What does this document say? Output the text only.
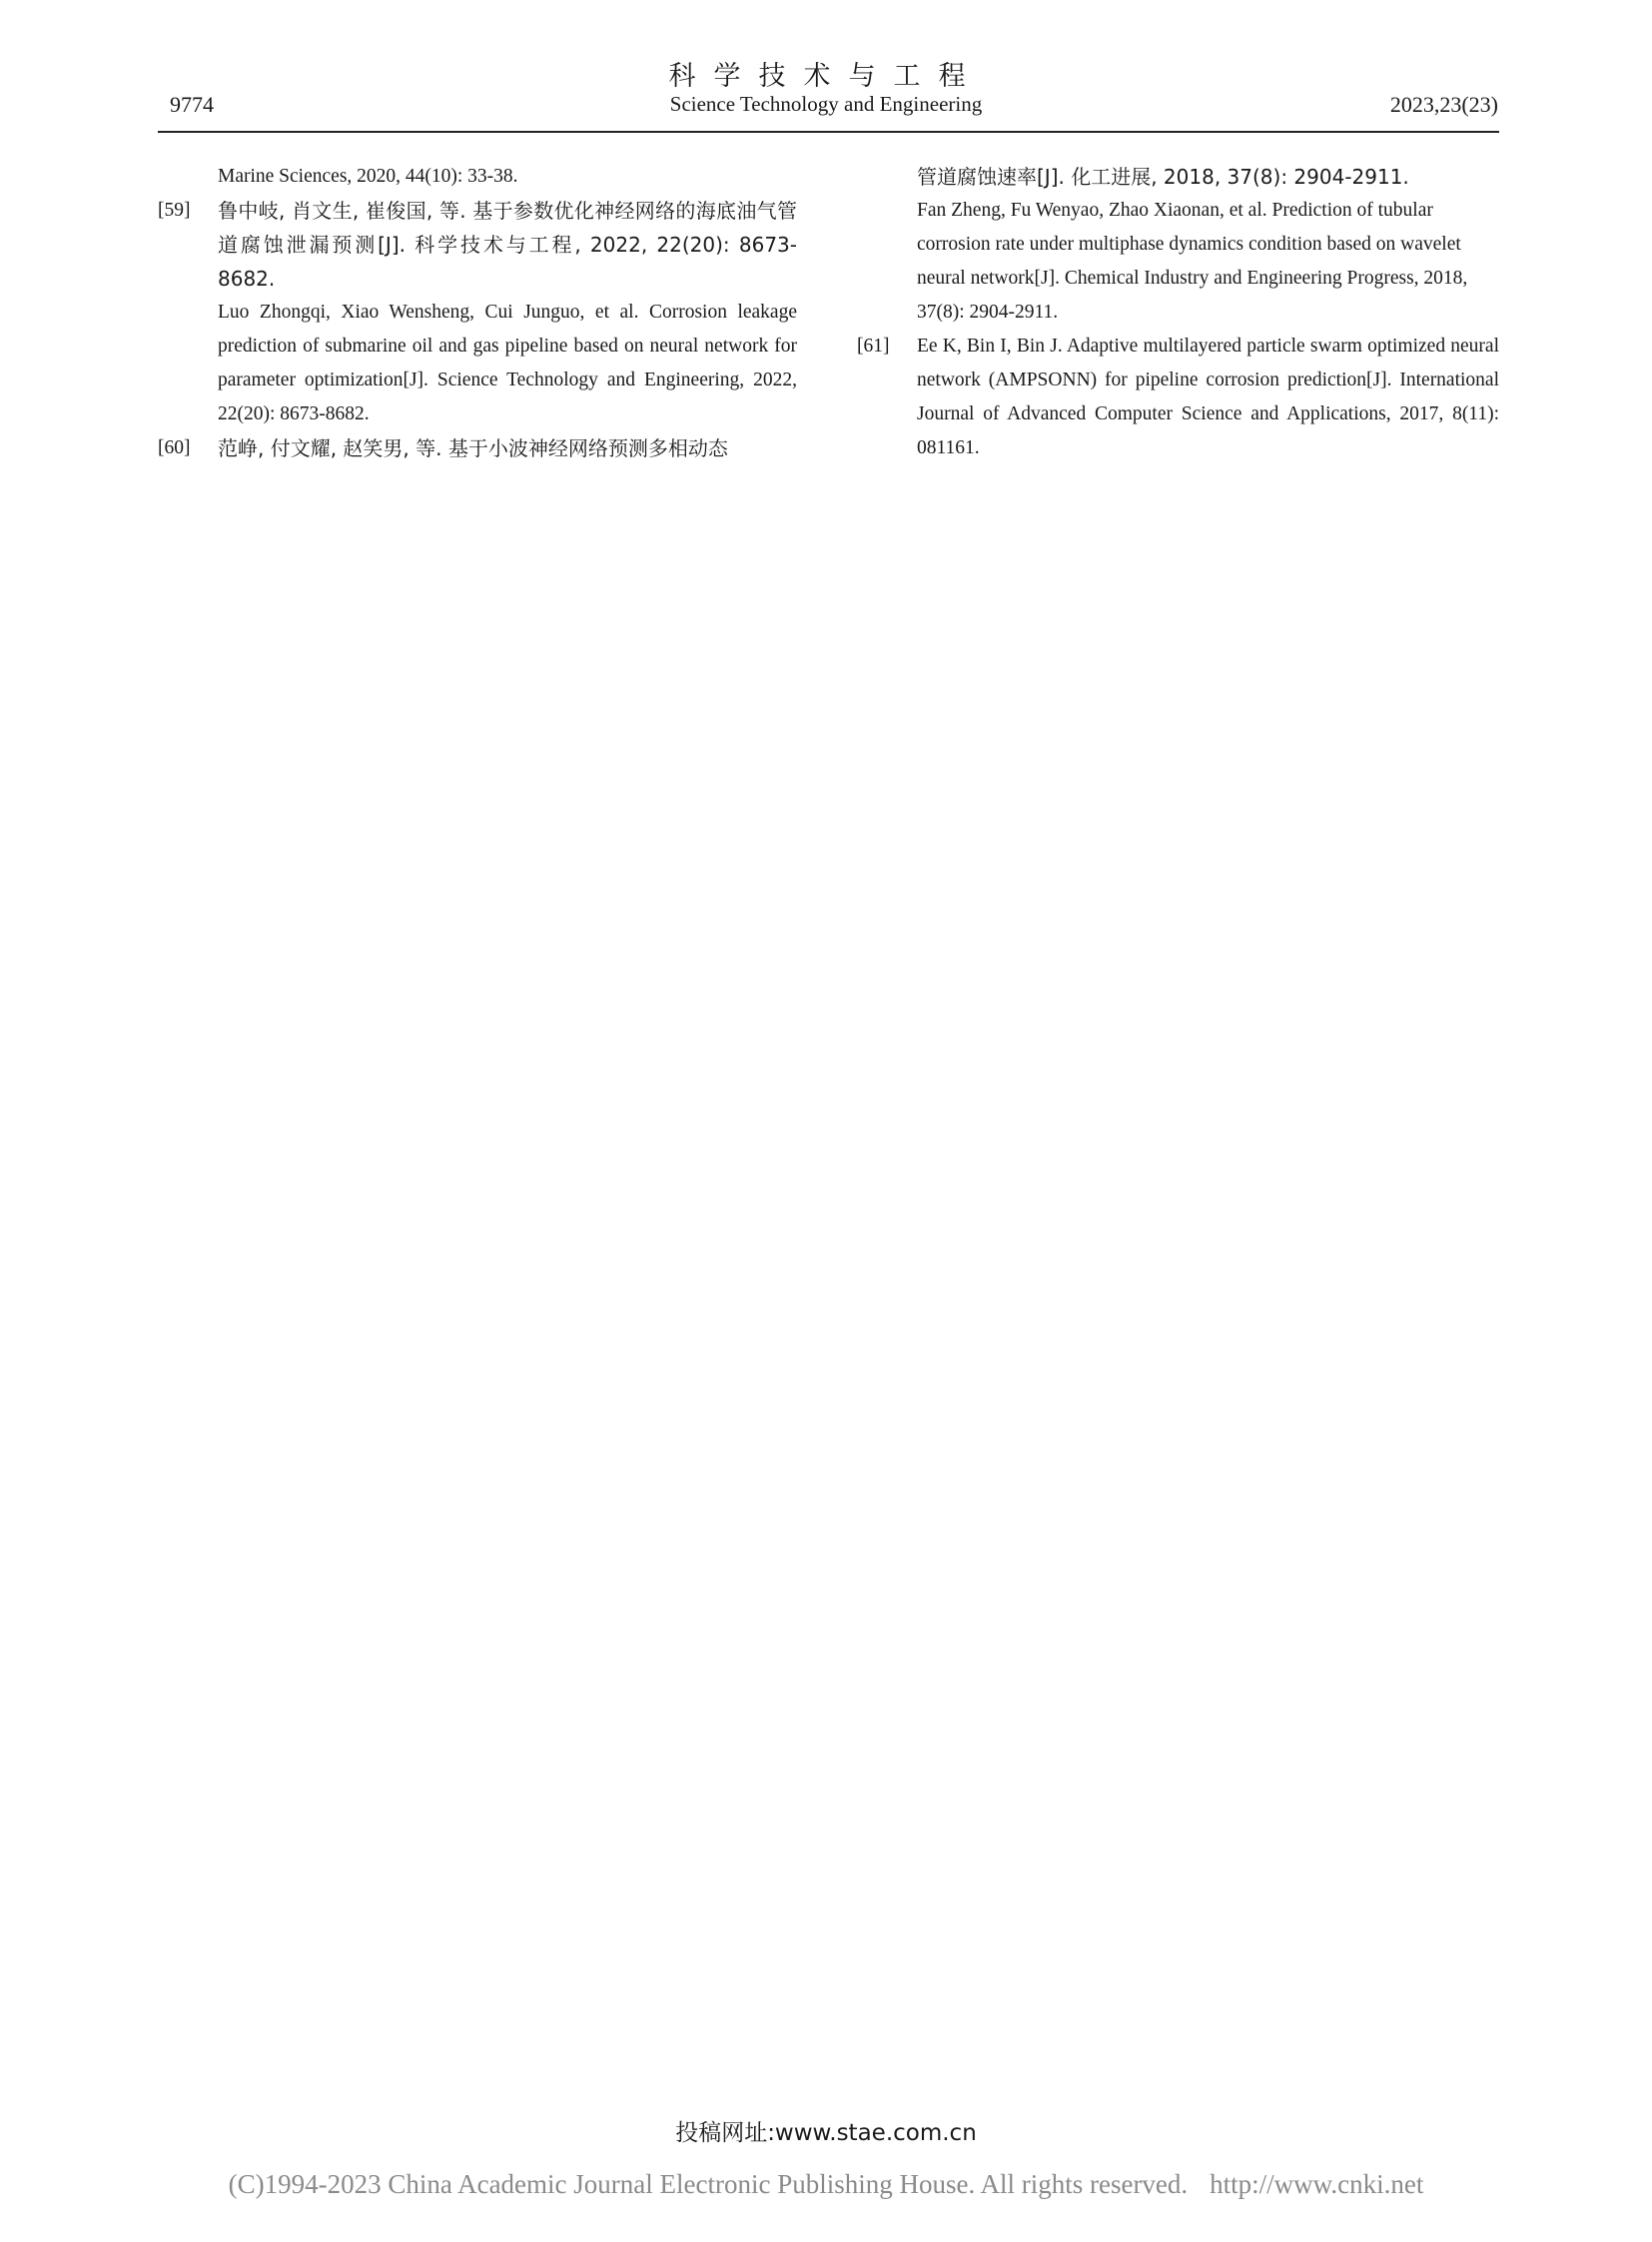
科学技术与工程
9774	Science Technology and Engineering	2023,23(23)

Marine Sciences, 2020, 44(10): 33-38.

[59] 鲁中岐, 肖文生, 崔俊国, 等. 基于参数优化神经网络的海底油气管道腐蚀泄漏预测[J]. 科学技术与工程, 2022, 22(20): 8673-8682.

Luo Zhongqi, Xiao Wensheng, Cui Junguo, et al. Corrosion leakage prediction of submarine oil and gas pipeline based on neural network for parameter optimization[J]. Science Technology and Engineering, 2022, 22(20): 8673-8682.

[60] 范峥, 付文耀, 赵笑男, 等. 基于小波神经网络预测多相动态

管道腐蚀速率[J]. 化工进展, 2018, 37(8): 2904-2911.

Fan Zheng, Fu Wenyao, Zhao Xiaonan, et al. Prediction of tubular corrosion rate under multiphase dynamics condition based on wavelet neural network[J]. Chemical Industry and Engineering Progress, 2018, 37(8): 2904-2911.

[61] Ee K, Bin I, Bin J. Adaptive multilayered particle swarm optimized neural network (AMPSONN) for pipeline corrosion prediction[J]. International Journal of Advanced Computer Science and Applications, 2017, 8(11): 081161.

投稿网址:www.stae.com.cn
(C)1994-2023 China Academic Journal Electronic Publishing House. All rights reserved. http://www.cnki.net
